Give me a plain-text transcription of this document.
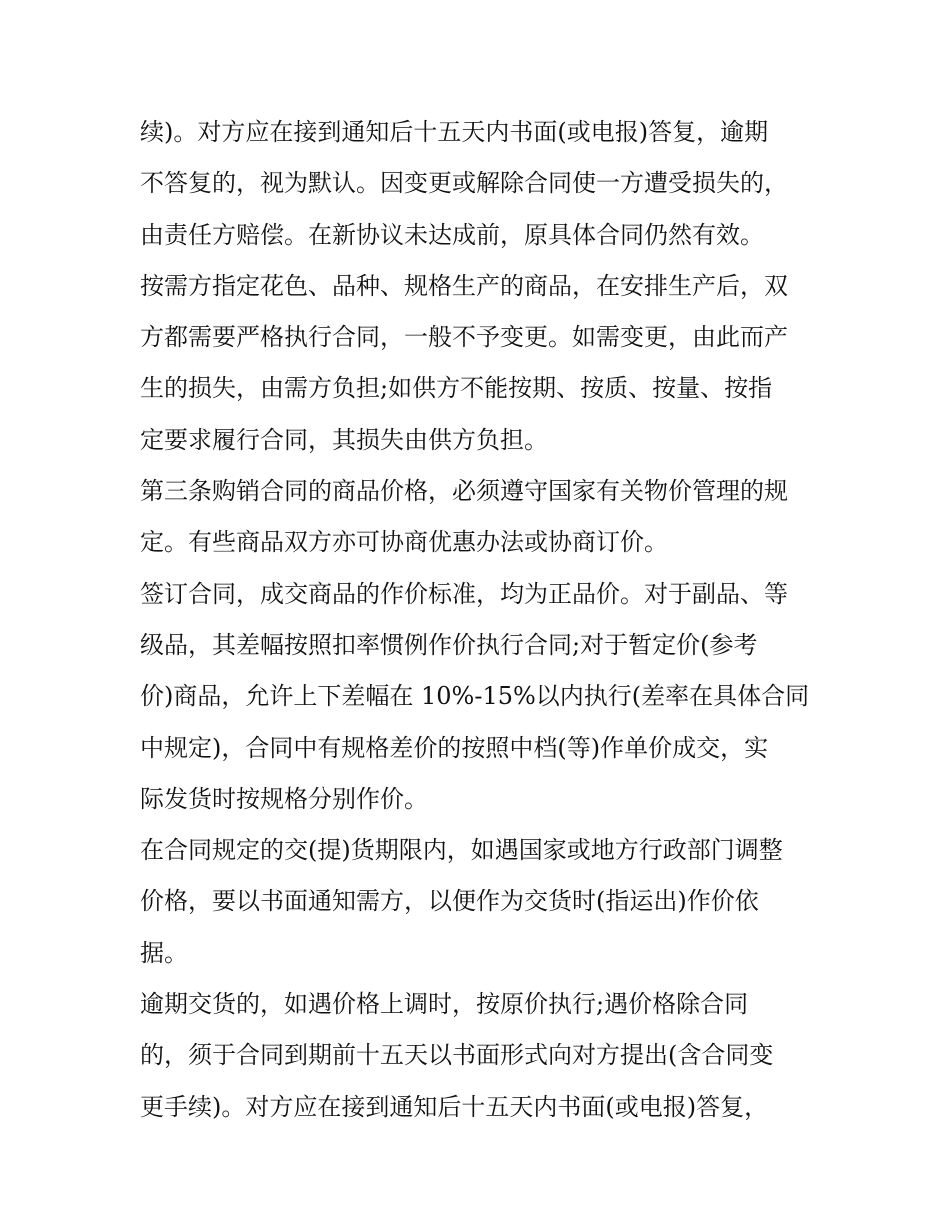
续)。对方应在接到通知后十五天内书面(或电报)答复，逾期
不答复的，视为默认。因变更或解除合同使一方遭受损失的，
由责任方赔偿。在新协议未达成前，原具体合同仍然有效。
按需方指定花色、品种、规格生产的商品，在安排生产后，双
方都需要严格执行合同，一般不予变更。如需变更，由此而产
生的损失，由需方负担;如供方不能按期、按质、按量、按指
定要求履行合同，其损失由供方负担。
第三条购销合同的商品价格，必须遵守国家有关物价管理的规
定。有些商品双方亦可协商优惠办法或协商订价。
签订合同，成交商品的作价标准，均为正品价。对于副品、等
级品，其差幅按照扣率惯例作价执行合同;对于暂定价(参考
价)商品，允许上下差幅在 10%-15%以内执行(差率在具体合同
中规定)，合同中有规格差价的按照中档(等)作单价成交，实
际发货时按规格分别作价。
在合同规定的交(提)货期限内，如遇国家或地方行政部门调整
价格，要以书面通知需方，以便作为交货时(指运出)作价依
据。
逾期交货的，如遇价格上调时，按原价执行;遇价格除合同
的，须于合同到期前十五天以书面形式向对方提出(含合同变
更手续)。对方应在接到通知后十五天内书面(或电报)答复，
